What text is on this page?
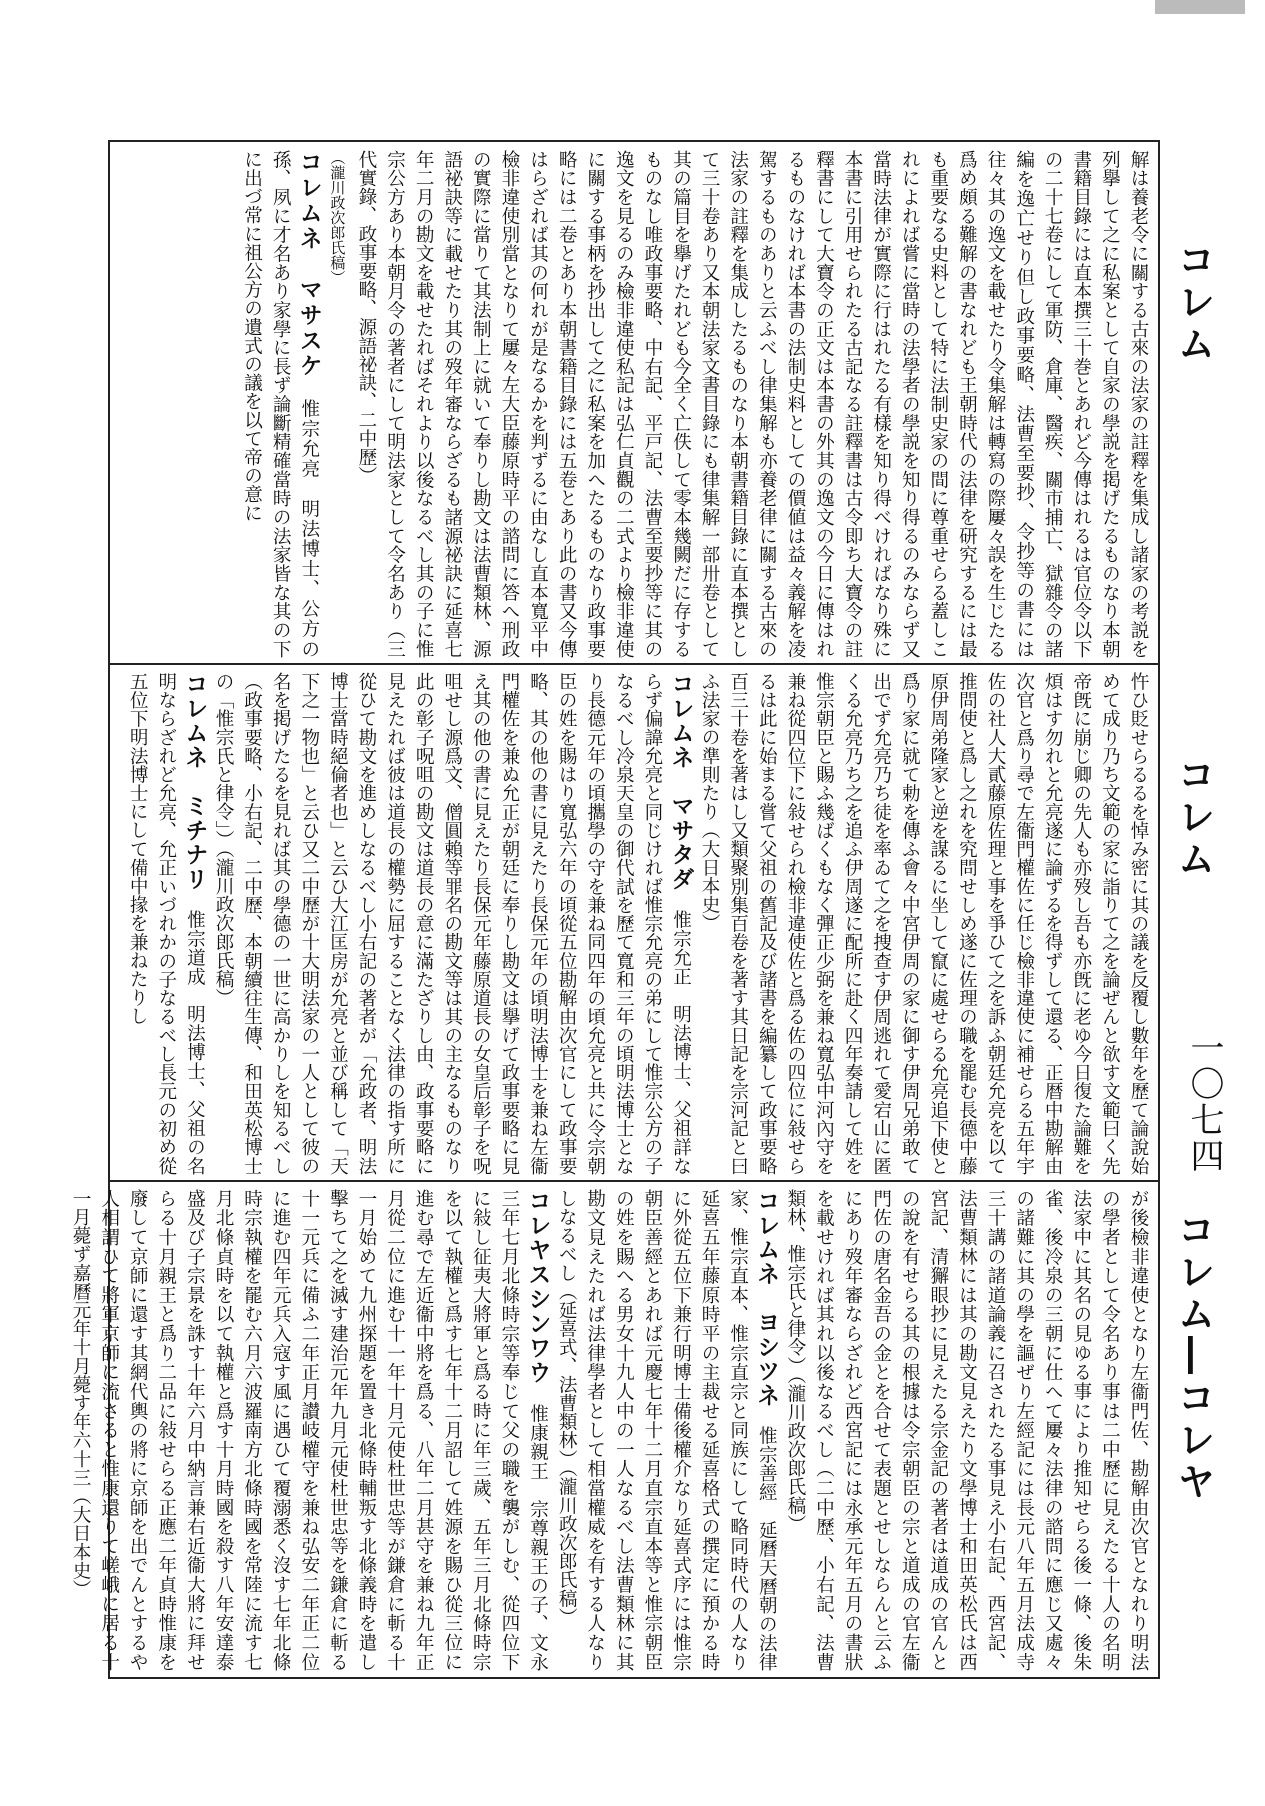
コレム
コレム
コレム―コレヤ
一〇七四

解は養老令に關する古來の法家の註釋を集成し諸家の考説を列擧して之に私案として自家の學説を掲げたるものなり本朝書籍目錄には直本撰三十巻とあれど今傳はれるは官位令以下の二十七卷にして軍防、倉庫、醫疾、關市捕亡、獄雜令の諸編を逸亡せり但し政事要略、法曹至要抄、令抄等の書には往々其の逸文を載せたり令集解は轉寫の際屢々誤を生じたる爲め頗る難解の書なれども王朝時代の法律を研究するには最も重要なる史料として特に法制史家の間に尊重せらる蓋しこれによれば嘗に當時の法學者の學説を知り得るのみならず又當時法律が實際に行はれたる有樣を知り得べければなり殊に本書に引用せられたる古記なる註釋書は古令即ち大寶令の註釋書にして大寶令の正文は本書の外其の逸文の今日に傳はれるものなければ本書の法制史料としての價値は益々義解を凌駕するものありと云ふべし律集解も亦養老律に關する古來の法家の註釋を集成したるものなり本朝書籍目錄に直本撰として三十卷あり又本朝法家文書目錄にも律集解一部卅卷として其の篇目を擧げたれども今全く亡佚して零本幾闕だに存するものなし唯政事要略、中右記、平戸記、法曹至要抄等に其の逸文を見るのみ檢非違使私記は弘仁貞觀の二式より檢非違使に關する事柄を抄出して之に私案を加へたるものなり政事要略には二卷とあり本朝書籍目錄には五卷とあり此の書又今傳はらざれば其の何れが是なるかを判ずるに由なし直本寬平中檢非違使別當となりて屢々左大臣藤原時平の諮問に答へ刑政の實際に當りて其法制上に就いて奉りし勘文は法曹類林、源語祕訣等に載せたり其の歿年審ならざるも諸源祕訣に延喜七年二月の勘文を載せたればそれより以後なるべし其の子に惟宗公方あり本朝月令の著者にして明法家として令名あり（三代實錄、政事要略、源語祕訣、二中歷）

（瀧川政次郎氏稿）

コレムネ　マサスケ　惟宗允亮　明法博士、公方の孫、夙に才名あり家學に長ず論斷精確當時の法家皆な其の下に出づ常に祖公方の遺式の議を以て帝の意に

忤ひ貶せらるるを悼み密に其の議を反覆し數年を歷て論說始めて成り乃ち文範の家に詣りて之を論ぜんと欲す文範曰く先帝旣に崩じ卿の先人も亦歿し吾も亦旣に老ゆ今日復た論難を煩はす勿れと允亮遂に論ずるを得ずして還る、正暦中勘解由次官と爲り尋で左衞門權佐に任じ檢非違使に補せらる五年宇佐の社人大貳藤原佐理と事を爭ひて之を訴ふ朝廷允亮を以て推問使と爲し之れを究問せしめ遂に佐理の職を罷む長德中藤原伊周弟隆家と逆を謀るに坐して竄に處せらる允亮追下使と爲り家に就て勅を傳ふ會々中宮伊周の家に御す伊周兄弟敢て出でず允亮乃ち徒を率ゐて之を捜查す伊周逃れて愛宕山に匿くる允亮乃ち之を追ふ伊周遂に配所に赴く四年奏請して姓を惟宗朝臣と賜ふ幾ばくもなく彈正少弼を兼ね寬弘中河內守を兼ね從四位下に敍せられ檢非違使佐と爲る佐の四位に敍せらるは此に始まる嘗て父祖の舊記及び諸書を編纂して政事要略百三十卷を著はし又類聚別集百卷を著す其日記を宗河記と曰ふ法家の準則たり（大日本史）

コレムネ　マサタダ　惟宗允正　明法博士、父祖詳ならず偏諱允亮と同じければ惟宗允亮の弟にして惟宗公方の子なるべし冷泉天皇の御代試を歷て寬和三年の頃明法博士となり長德元年の頃攜學の守を兼ね同四年の頃允亮と共に令宗朝臣の姓を賜はり寬弘六年の頃從五位勘解由次官にして政事要略、其の他の書に見えたり長保元年の頃明法博士を兼ね左衞門權佐を兼ぬ允正が朝廷に奉りし勘文は擧げて政事要略に見え其の他の書に見えたり長保元年藤原道長の女皇后彰子を呪咀せし源爲文、僧圓賴等罪名の勘文等は其の主なるものなり此の彰子呪咀の勘文は道長の意に滿たざりし由、政事要略に見えたれば彼は道長の權勢に屈することなく法律の指す所に從ひて勘文を進めしなるべし小右記の著者が「允政者、明法博士當時絕倫者也」と云ひ大江匡房が允亮と並び稱して「天下之一物也」と云ひ又二中歷が十大明法家の一人として彼の名を掲げたるを見れば其の學德の一世に高かりしを知るべし（政事要略、小右記、二中歷、本朝續往生傳、和田英松博士の「惟宗氏と律令」）（瀧川政次郎氏稿）

コレムネ　ミチナリ　惟宗道成　明法博士、父祖の名明ならざれど允亮、允正いづれかの子なるべし長元の初め從五位下明法博士にして備中掾を兼ねたりし

が後檢非違使となり左衞門佐、勘解由次官となれり明法の學者として令名あり事は二中歷に見えたる十人の名明法家中に其名の見ゆる事により推知せらる後一條、後朱雀、後冷泉の三朝に仕へて屢々法律の諮問に應じ又處々の諸難に其の學を謳ぜり左經記には長元八年五月法成寺三十講の諸道論義に召されたる事見え小右記、西宮記、法曹類林には其の勘文見えたり文學博士和田英松氏は西宮記、清獬眼抄に見えたる宗金記の著者は道成の官んとの說を有せらる其の根據は令宗朝臣の宗と道成の官左衞門佐の唐名金吾の金とを合せて表題とせしならんと云ふにあり歿年審ならざれど西宮記には永承元年五月の書狀を載せければ其れ以後なるべし（二中歷、小右記、法曹類林、惟宗氏と律令）（瀧川政次郎氏稿）

コレムネ　ヨシツネ　惟宗善經　延曆天曆朝の法律家、惟宗直本、惟宗直宗と同族にして略同時代の人なり延喜五年藤原時平の主裁せる延喜格式の撰定に預かる時に外從五位下兼行明博士備後權介なり延喜式序には惟宗朝臣善經とあれば元慶七年十二月直宗直本等と惟宗朝臣の姓を賜へる男女十九人中の一人なるべし法曹類林に其勘文見えたれば法律學者として相當權威を有する人なりしなるべし（延喜式、法曹類林）（瀧川政次郎氏稿）

コレヤスシンワウ　惟康親王　宗尊親王の子、文永三年七月北條時宗等奉じて父の職を襲がしむ、從四位下に敍し征夷大將軍と爲る時に年三歲、五年三月北條時宗を以て執權と爲す七年十二月詔して姓源を賜ひ從三位に進む尋で左近衞中將を爲る、八年二月甚守を兼ね九年正月從二位に進む十一年十月元使杜世忠等が鎌倉に斬る十一月始めて九州探題を置き北條時輔叛す北條義時を遣し擊ちて之を滅す建治元年九月元使杜世忠等を鎌倉に斬る十一元兵に備ふ二年正月讃岐權守を兼ね弘安二年正二位に進む四年元兵入寇す風に遇ひて覆溺悉く沒す七年北條時宗執權を罷む六月六波羅南方北條時國を常陸に流す七月北條貞時を以て執權と爲す十月時國を殺す八年安達泰盛及び子宗景を誅す十年六月中納言兼右近衞大將に拜せらる十月親王と爲り二品に敍せらる正應二年貞時惟康を廢して京師に還す其網代輿の將に京師を出でんとするや人相謂ひて將軍京師に流さると惟康還りて嵯峨に居る十一月薨ず嘉曆元年十月薨す年六十三（大日本史）
